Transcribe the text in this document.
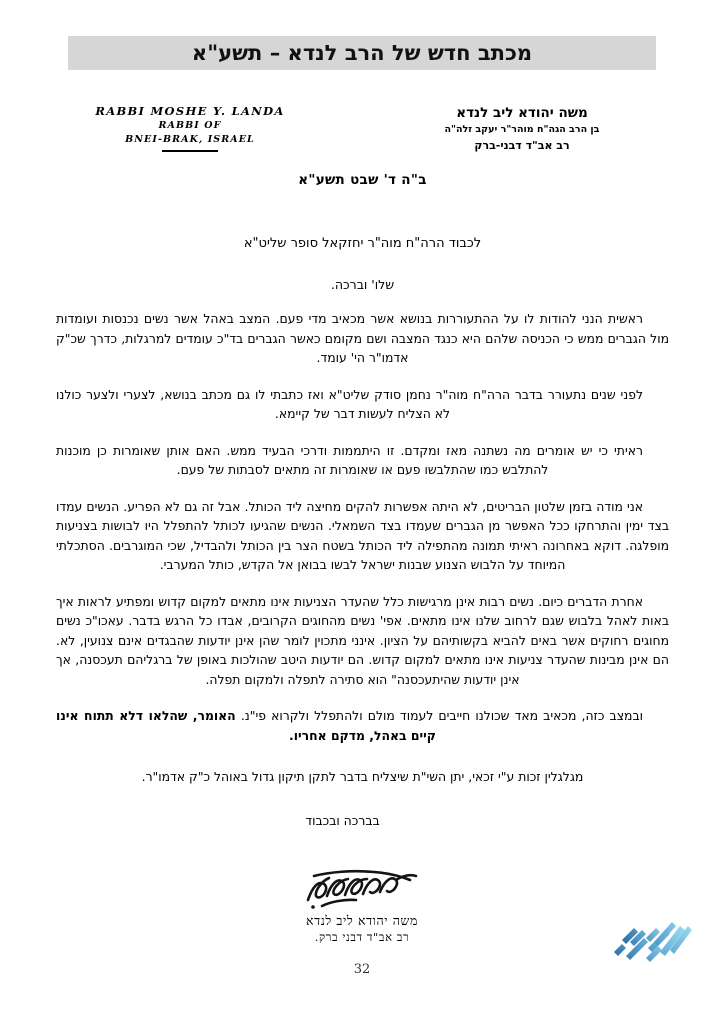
מכתב חדש של הרב לנדא – תשע"א
RABBI MOSHE Y. LANDA
RABBI OF
BNEI-BRAK, ISRAEL
משה יהודא ליב לנדא
בן הרב הגה"ח מוהר"ר יעקב זלה"ה
רב אב"ד דבני-ברק
ב"ה ד' שבט תשע"א
לכבוד הרה"ח מוה"ר יחזקאל סופר שליט"א
שלו' וברכה.

ראשית הנני להודות לו על ההתעוררות בנושא אשר מכאיב מדי פעם. המצב באהל אשר נשים נכנסות ועומדות מול הגברים ממש כי הכניסה שלהם היא כנגד המצבה ושם מקומם כאשר הגברים בד"כ עומדים למרגלות, כדרך שכ"ק אדמו"ר הי' עומד.

לפני שנים נתעורר בדבר הרה"ח מוה"ר נחמן סודק שליט"א ואז כתבתי לו גם מכתב בנושא, לצערי ולצער כולנו לא הצליח לעשות דבר של קיימא.

ראיתי כי יש אומרים מה נשתנה מאז ומקדם. זו היתממות ודרכי הבעיד ממש. האם אותן שאומרות כן מוכנות להתלבש כמו שהתלבשו פעם או שאומרות זה מתאים לסבתות של פעם.

אני מודה בזמן שלטון הבריטים, לא היתה אפשרות להקים מחיצה ליד הכותל. אבל זה גם לא הפריע. הנשים עמדו בצד ימין והתרחקו ככל האפשר מן הגברים שעמדו בצד השמאלי. הנשים שהגיעו לכותל להתפלל היו לבושות בצניעות מופלגה. דוקא באחרונה ראיתי תמונה מהתפילה ליד הכותל בשטח הצר בין הכותל ולהבדיל, שכי המוגרבים. הסתכלתי המיוחד על הלבוש הצנוע שבנות ישראל לבשו בבואן אל הקדש, כותל המערבי.

אחרת הדברים כיום. נשים רבות אינן מרגישות כלל שהעדר הצניעות אינו מתאים למקום קדוש ומפתיע לראות איך באות לאהל בלבוש שגם לרחוב שלנו אינו מתאים. אפי' נשים מהחוגים הקרובים, אבדו כל הרגש בדבר. עאכו"כ נשים מחוגים רחוקים אשר באים להביא בקשותיהם על הציון. אינני מתכוין לומר שהן אינן יודעות שהבגדים אינם צנועין, לא. הם אינן מבינות שהעדר צניעות אינו מתאים למקום קדוש. הם יודעות היטב שהולכות באופן של ברגליהם תעכסנה, אך אינן יודעות שהיתעכסנה" הוא סתירה לתפלה ולמקום תפלה.

ובמצב כזה, מכאיב מאד שכולנו חייבים לעמוד מולם ולהתפלל ולקרוא פי"נ. האומר, שהלאו דלא תתוח אינו קיים באהל, מדקם אחריו.

מגלגלין זכות ע"י זכאי, יתן השי"ת שיצליח בדבר לתקן תיקון גדול באוהל כ"ק אדמו"ר.

בברכה ובכבוד
משה יהודא ליב לנדא
רב אב"ד דבני ברק.
32
